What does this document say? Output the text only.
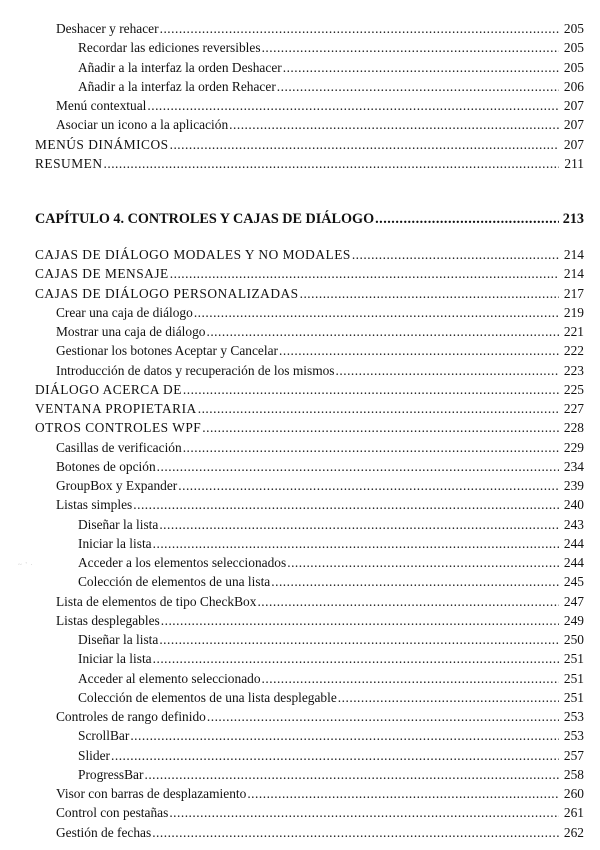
Deshacer y rehacer .....	205
Recordar las ediciones reversibles .....	205
Añadir a la interfaz la orden Deshacer .....	205
Añadir a la interfaz la orden Rehacer .....	206
Menú contextual .....	207
Asociar un icono a la aplicación .....	207
MENÚS DINÁMICOS .....	207
RESUMEN .....	211
CAPÍTULO 4. CONTROLES Y CAJAS DE DIÁLOGO .....	213
CAJAS DE DIÁLOGO MODALES Y NO MODALES .....	214
CAJAS DE MENSAJE .....	214
CAJAS DE DIÁLOGO PERSONALIZADAS .....	217
Crear una caja de diálogo .....	219
Mostrar una caja de diálogo .....	221
Gestionar los botones Aceptar y Cancelar .....	222
Introducción de datos y recuperación de los mismos .....	223
DIÁLOGO ACERCA DE .....	225
VENTANA PROPIETARIA .....	227
OTROS CONTROLES WPF .....	228
Casillas de verificación .....	229
Botones de opción .....	234
GroupBox y Expander .....	239
Listas simples .....	240
Diseñar la lista .....	243
Iniciar la lista .....	244
Acceder a los elementos seleccionados .....	244
Colección de elementos de una lista .....	245
Lista de elementos de tipo CheckBox .....	247
Listas desplegables .....	249
Diseñar la lista .....	250
Iniciar la lista .....	251
Acceder al elemento seleccionado .....	251
Colección de elementos de una lista desplegable .....	251
Controles de rango definido .....	253
ScrollBar .....	253
Slider .....	257
ProgressBar .....	258
Visor con barras de desplazamiento .....	260
Control con pestañas .....	261
Gestión de fechas .....	262
~ ' ·
